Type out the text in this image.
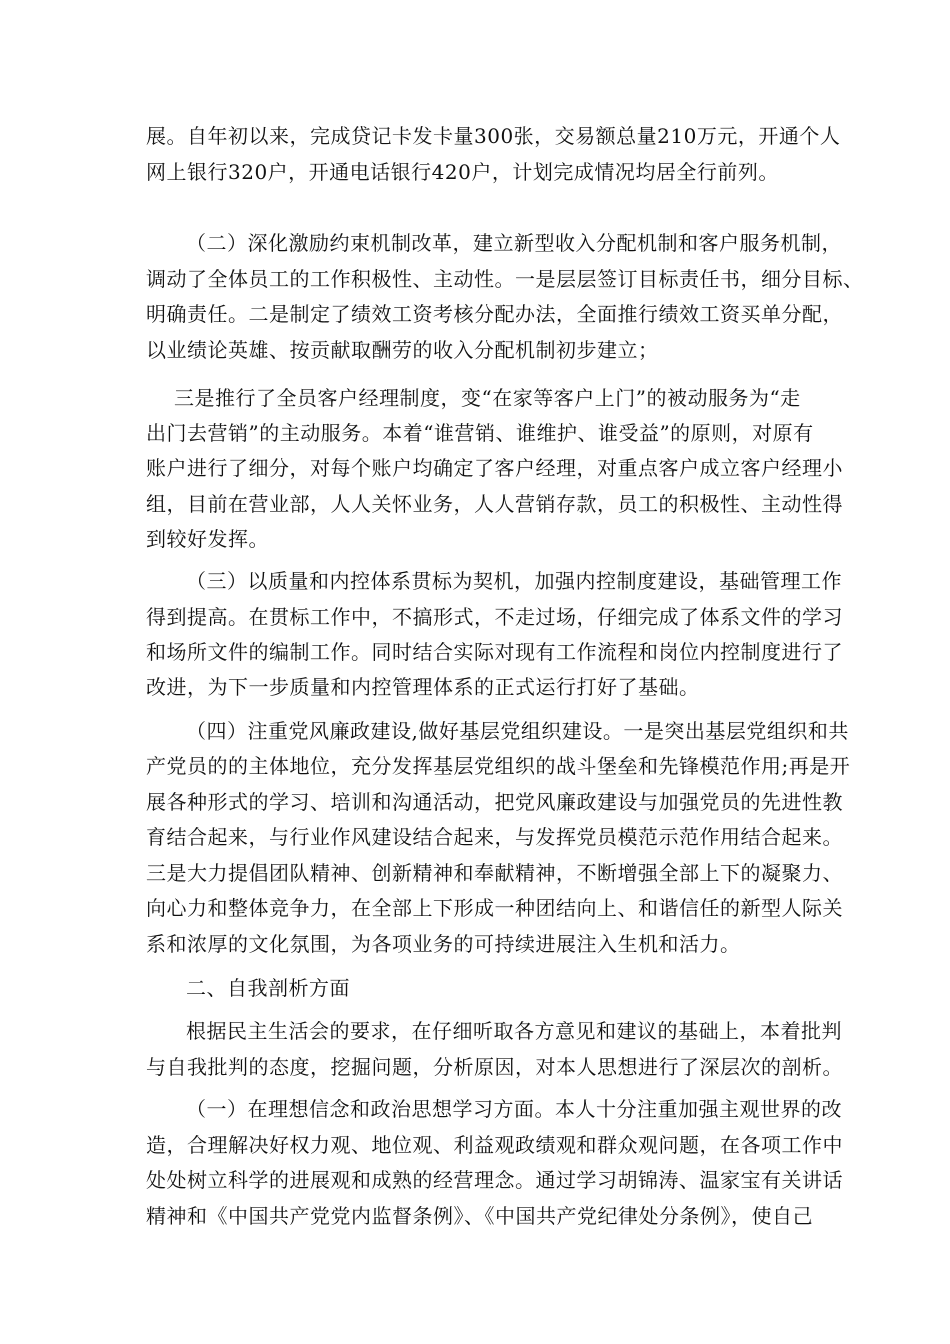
展。自年初以来，完成贷记卡发卡量300张，交易额总量210万元，开通个人
网上银行320户，开通电话银行420户，计划完成情况均居全行前列。
（二）深化激励约束机制改革，建立新型收入分配机制和客户服务机制，
调动了全体员工的工作积极性、主动性。一是层层签订目标责任书，细分目标、
明确责任。二是制定了绩效工资考核分配办法，全面推行绩效工资买单分配，
以业绩论英雄、按贡献取酬劳的收入分配机制初步建立；
三是推行了全员客户经理制度，变“在家等客户上门”的被动服务为“走
出门去营销”的主动服务。本着“谁营销、谁维护、谁受益”的原则，对原有
账户进行了细分，对每个账户均确定了客户经理，对重点客户成立客户经理小
组，目前在营业部，人人关怀业务，人人营销存款，员工的积极性、主动性得
到较好发挥。
（三）以质量和内控体系贯标为契机，加强内控制度建设，基础管理工作
得到提高。在贯标工作中，不搞形式，不走过场，仔细完成了体系文件的学习
和场所文件的编制工作。同时结合实际对现有工作流程和岗位内控制度进行了
改进，为下一步质量和内控管理体系的正式运行打好了基础。
（四）注重党风廉政建设,做好基层党组织建设。一是突出基层党组织和共
产党员的的主体地位，充分发挥基层党组织的战斗堡垒和先锋模范作用;再是开
展各种形式的学习、培训和沟通活动，把党风廉政建设与加强党员的先进性教
育结合起来，与行业作风建设结合起来，与发挥党员模范示范作用结合起来。
三是大力提倡团队精神、创新精神和奉献精神，不断增强全部上下的凝聚力、
向心力和整体竞争力，在全部上下形成一种团结向上、和谐信任的新型人际关
系和浓厚的文化氛围，为各项业务的可持续进展注入生机和活力。
二、自我剖析方面
根据民主生活会的要求，在仔细听取各方意见和建议的基础上，本着批判
与自我批判的态度，挖掘问题，分析原因，对本人思想进行了深层次的剖析。
（一）在理想信念和政治思想学习方面。本人十分注重加强主观世界的改
造，合理解决好权力观、地位观、利益观政绩观和群众观问题，在各项工作中
处处树立科学的进展观和成熟的经营理念。通过学习胡锦涛、温家宝有关讲话
精神和《中国共产党党内监督条例》、《中国共产党纪律处分条例》，使自己
